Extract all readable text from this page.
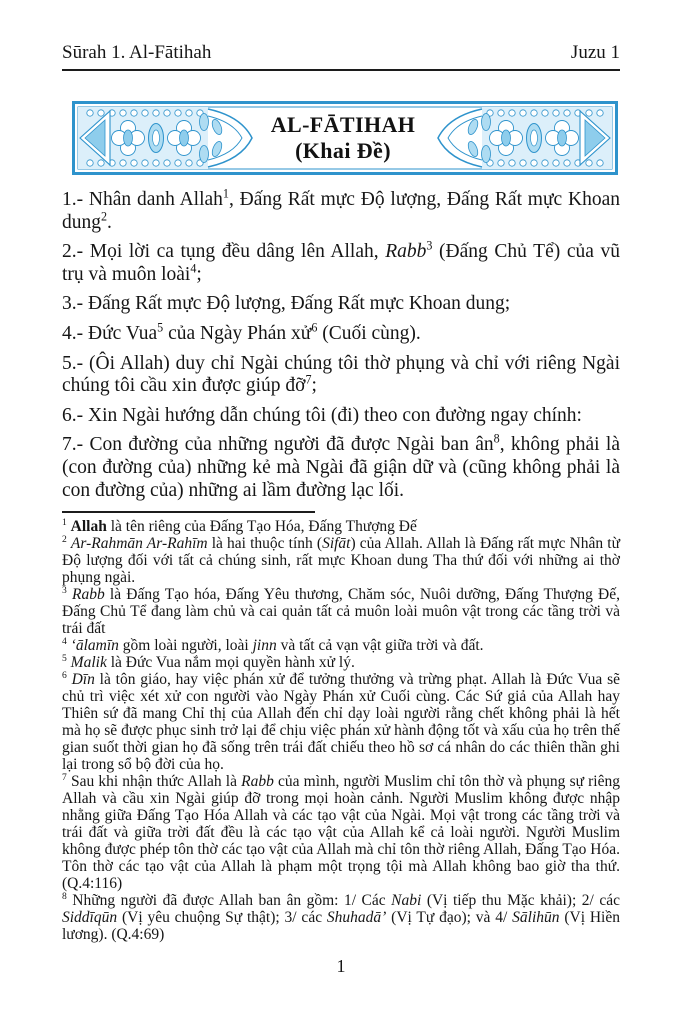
Sūrah 1. Al-Fātihah	Juzu 1
AL-FĀTIHAH
(Khai Đề)

1.- Nhân danh Allah$^1$, Đấng Rất mực Độ lượng, Đấng Rất mực Khoan dung$^2$.

2.- Mọi lời ca tụng đều dâng lên Allah, Rabb$^3$ (Đấng Chủ Tể) của vũ trụ và muôn loài$^4$;

3.- Đấng Rất mực Độ lượng, Đấng Rất mực Khoan dung;

4.- Đức Vua$^5$ của Ngày Phán xử$^6$ (Cuối cùng).

5.- (Ôi Allah) duy chỉ Ngài chúng tôi thờ phụng và chỉ với riêng Ngài chúng tôi cầu xin được giúp đỡ$^7$;

6.- Xin Ngài hướng dẫn chúng tôi (đi) theo con đường ngay chính:

7.- Con đường của những người đã được Ngài ban $ân^8$, không phải là (con đường của) những kẻ mà Ngài đã giận dữ và (cũng không phải là con đường của) những ai lầm đường lạc lối.

$^1$ Allah là tên riêng của Đấng Tạo Hóa, Đấng Thượng Đế

$^2$ Ar-Rahmān Ar-Rahīm là hai thuộc tính (Sifāt) của Allah. Allah là Đấng rất mực Nhân từ Độ lượng đối với tất cả chúng sinh, rất mực Khoan dung Tha thứ đối với những ai thờ phụng ngài.

$^3$ Rabb là Đấng Tạo hóa, Đấng Yêu thương, Chăm sóc, Nuôi dưỡng, Đấng Thượng Đế, Đấng Chủ Tể đang làm chủ và cai quản tất cả muôn loài muôn vật trong các tầng trời và trái đất

$^4$ ‘ālamīn gồm loài người, loài jinn và tất cả vạn vật giữa trời và đất.

$^5$ Malik là Đức Vua nắm mọi quyền hành xử lý.

$^6$ Dīn là tôn giáo, hay việc phán xử để tưởng thưởng và trừng phạt. Allah là Đức Vua sẽ chủ trì việc xét xử con người vào Ngày Phán xử Cuối cùng. Các Sứ giả của Allah hay Thiên sứ đã mang Chỉ thị của Allah đến chỉ dạy loài người rằng chết không phải là hết mà họ sẽ được phục sinh trở lại để chịu việc phán xử hành động tốt và xấu của họ trên thế gian suốt thời gian họ đã sống trên trái đất chiếu theo hồ sơ cá nhân do các thiên thần ghi lại trong sổ bộ đời của họ.

$^7$ Sau khi nhận thức Allah là Rabb của mình, người Muslim chỉ tôn thờ và phụng sự riêng Allah và cầu xin Ngài giúp đỡ trong mọi hoàn cảnh. Người Muslim không được nhập nhằng giữa Đấng Tạo Hóa Allah và các tạo vật của Ngài. Mọi vật trong các tầng trời và trái đất và giữa trời đất đều là các tạo vật của Allah kể cả loài người. Người Muslim không được phép tôn thờ các tạo vật của Allah mà chỉ tôn thờ riêng Allah, Đấng Tạo Hóa. Tôn thờ các tạo vật của Allah là phạm một trọng tội mà Allah không bao giờ tha thứ. (Q.4:116)

$^8$ Những người đã được Allah ban ân gồm: 1/ Các Nabi (Vị tiếp thu Mặc khải); 2/ các Siddīqūn (Vị yêu chuộng Sự thật); 3/ các Shuhadā’ (Vị Tự đạo); và 4/ Sālihūn (Vị Hiền lương). (Q.4:69)

1
